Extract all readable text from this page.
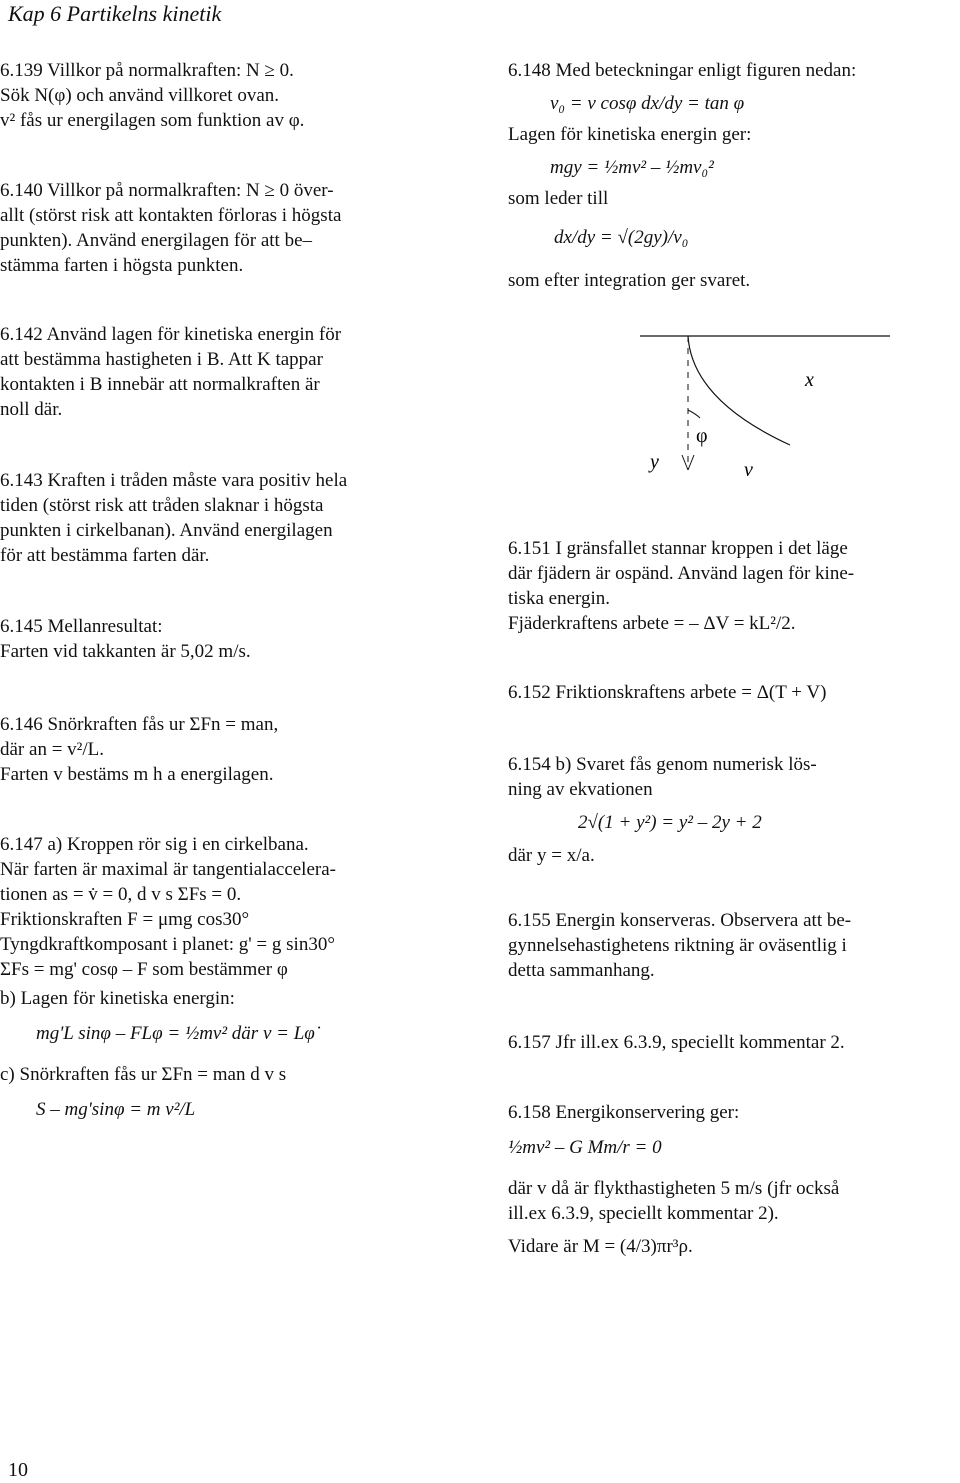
Kap 6 Partikelns kinetik
6.139 Villkor på normalkraften: N ≥ 0.
Sök N(φ) och använd villkoret ovan.
v² fås ur energilagen som funktion av φ.
6.140 Villkor på normalkraften: N ≥ 0 över-
allt (störst risk att kontakten förloras i högsta
punkten). Använd energilagen för att be–
stämma farten i högsta punkten.
6.142 Använd lagen för kinetiska energin för
att bestämma hastigheten i B. Att K tappar
kontakten i B innebär att normalkraften är
noll där.
6.143 Kraften i tråden måste vara positiv hela
tiden (störst risk att tråden slaknar i högsta
punkten i cirkelbanan). Använd energilagen
för att bestämma farten där.
6.145 Mellanresultat:
Farten vid takkanten är 5,02 m/s.
6.146 Snörkraften fås ur ΣFn = man,
där an = v²/L.
Farten v bestäms m h a energilagen.
6.147 a) Kroppen rör sig i en cirkelbana.
När farten är maximal är tangentialaccelera-
tionen as = v̇ = 0, d v s ΣFs = 0.
Friktionskraften F = μmg cos30°
Tyngdkraftkomposant i planet: g' = g sin30°
ΣFs = mg' cosφ – F som bestämmer φ
b) Lagen för kinetiska energin:
mg'L sinφ – FLφ = ½mv² där v = Lφ̇
c) Snörkraften fås ur ΣFn = man d v s
S – mg'sinφ = m v²/L
6.148 Med beteckningar enligt figuren nedan:
v₀ = v cosφ dx/dy = tan φ
Lagen för kinetiska energin ger:
mgy = ½mv² – ½mv₀²
som leder till
dx/dy = √(2gy)/v₀
som efter integration ger svaret.
x
y
φ
v
6.151 I gränsfallet stannar kroppen i det läge
där fjädern är ospänd. Använd lagen för kine-
tiska energin.
Fjäderkraftens arbete = – ΔV = kL²/2.
6.152 Friktionskraftens arbete = Δ(T + V)
6.154 b) Svaret fås genom numerisk lös-
ning av ekvationen
2√(1 + y²) = y² – 2y + 2
där y = x/a.
6.155 Energin konserveras. Observera att be-
gynnelsehastighetens riktning är oväsentlig i
detta sammanhang.
6.157 Jfr ill.ex 6.3.9, speciellt kommentar 2.
6.158 Energikonservering ger:
½mv² – G Mm/r = 0
där v då är flykthastigheten 5 m/s (jfr också
ill.ex 6.3.9, speciellt kommentar 2).
Vidare är M = (4/3)πr³ρ.
10
